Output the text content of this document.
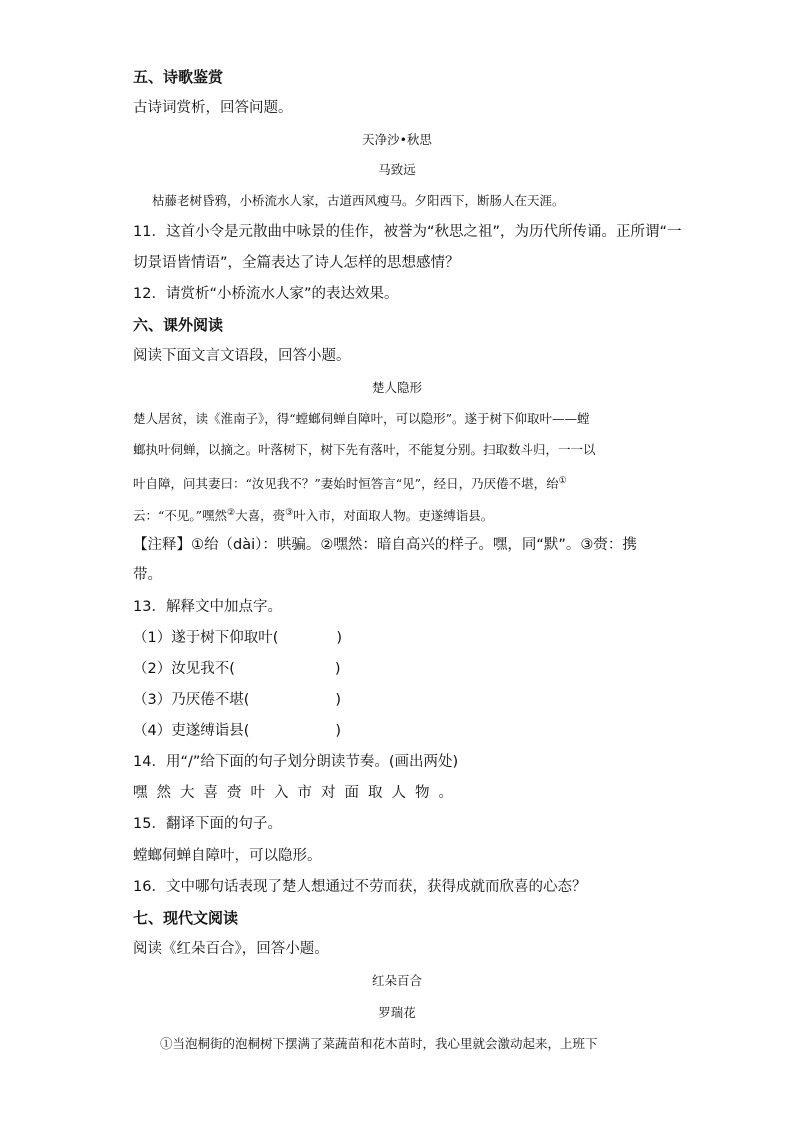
五、诗歌鉴赏
古诗词赏析，回答问题。
天净沙•秋思
马致远
枯藤老树昏鸦，小桥流水人家，古道西风瘦马。夕阳西下，断肠人在天涯。
11．这首小令是元散曲中咏景的佳作，被誉为“秋思之祖”，为历代所传诵。正所谓“一
切景语皆情语”，全篇表达了诗人怎样的思想感情？
12．请赏析“小桥流水人家”的表达效果。
六、课外阅读
阅读下面文言文语段，回答小题。
楚人隐形
楚人居贫，读《淮南子》，得“螳螂伺蝉自障叶，可以隐形”。遂于树下仰取叶——螳
螂执叶伺蝉，以摘之。叶落树下，树下先有落叶，不能复分别。扫取数斗归，一一以
叶自障，问其妻曰：“汝见我不？”妻始时恒答言“见”，经日，乃厌倦不堪，绐①
云：“不见。”嘿然②大喜，赍③叶入市，对面取人物。吏遂缚诣县。
【注释】①绐（dài）：哄骗。②嘿然：暗自高兴的样子。嘿，同“默”。③赍：携
带。
13．解释文中加点字。
（1）遂于树下仰取叶(	)
（2）汝见我不(	)
（3）乃厌倦不堪(	)
（4）吏遂缚诣县(	)
14．用“/”给下面的句子划分朗读节奏。(画出两处)
嘿然大喜赍叶入市对面取人物。
15．翻译下面的句子。
螳螂伺蝉自障叶，可以隐形。
16．文中哪句话表现了楚人想通过不劳而获，获得成就而欣喜的心态？
七、现代文阅读
阅读《红朵百合》，回答小题。
红朵百合
罗瑞花
①当泡桐街的泡桐树下摆满了菜蔬苗和花木苗时，我心里就会激动起来，上班下
